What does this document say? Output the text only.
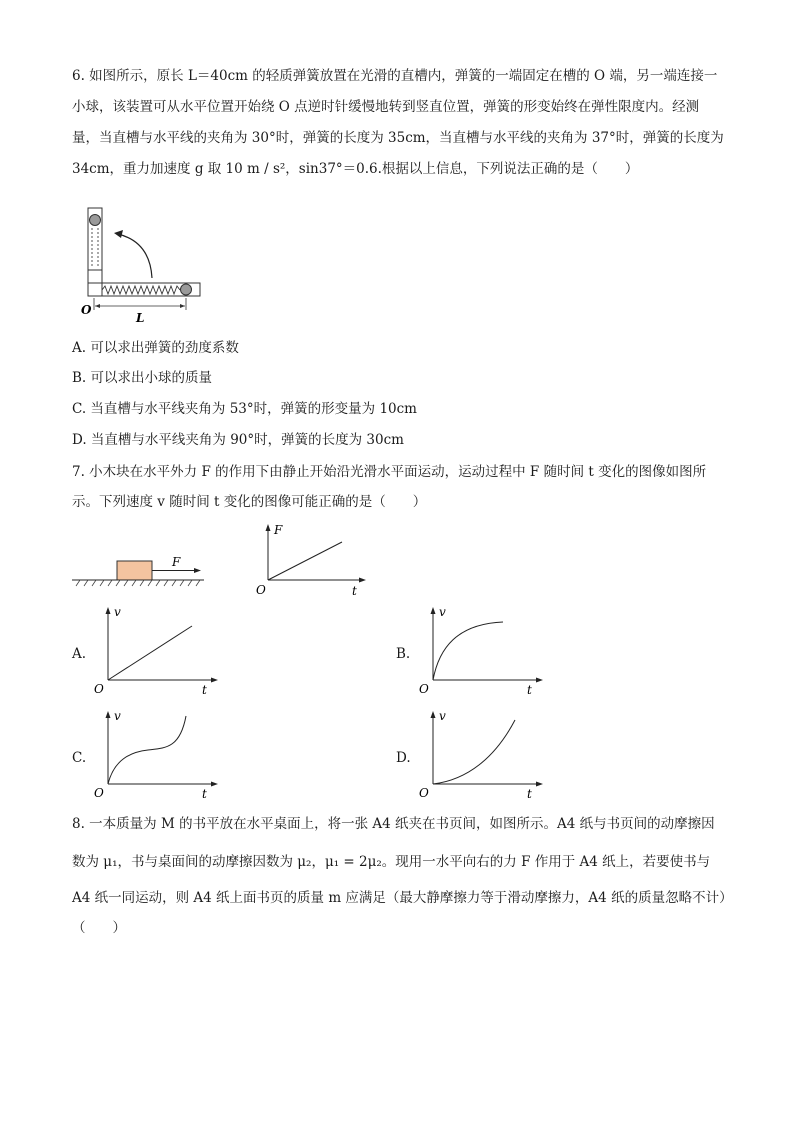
6. 如图所示，原长 L＝40cm 的轻质弹簧放置在光滑的直槽内，弹簧的一端固定在槽的 O 端，另一端连接一
小球，该装置可从水平位置开始绕 O 点逆时针缓慢地转到竖直位置，弹簧的形变始终在弹性限度内。经测
量，当直槽与水平线的夹角为 30°时，弹簧的长度为 35cm，当直槽与水平线的夹角为 37°时，弹簧的长度为
34cm，重力加速度 g 取 10 m / s²，sin37°＝0.6.根据以上信息，下列说法正确的是（　　）
O
L
A. 可以求出弹簧的劲度系数
B. 可以求出小球的质量
C. 当直槽与水平线夹角为 53°时，弹簧的形变量为 10cm
D. 当直槽与水平线夹角为 90°时，弹簧的长度为 30cm
7. 小木块在水平外力 F 的作用下由静止开始沿光滑水平面运动，运动过程中 F 随时间 t 变化的图像如图所
示。下列速度 v 随时间 t 变化的图像可能正确的是（　　）
F
F
t
O
A.
v
t
O
B.
v
t
O
C.
v
t
O
D.
v
t
O
8. 一本质量为 M 的书平放在水平桌面上，将一张 A4 纸夹在书页间，如图所示。A4 纸与书页间的动摩擦因
数为 μ₁，书与桌面间的动摩擦因数为 μ₂，μ₁ = 2μ₂。现用一水平向右的力 F 作用于 A4 纸上，若要使书与
A4 纸一同运动，则 A4 纸上面书页的质量 m 应满足（最大静摩擦力等于滑动摩擦力，A4 纸的质量忽略不计）
（　　）
